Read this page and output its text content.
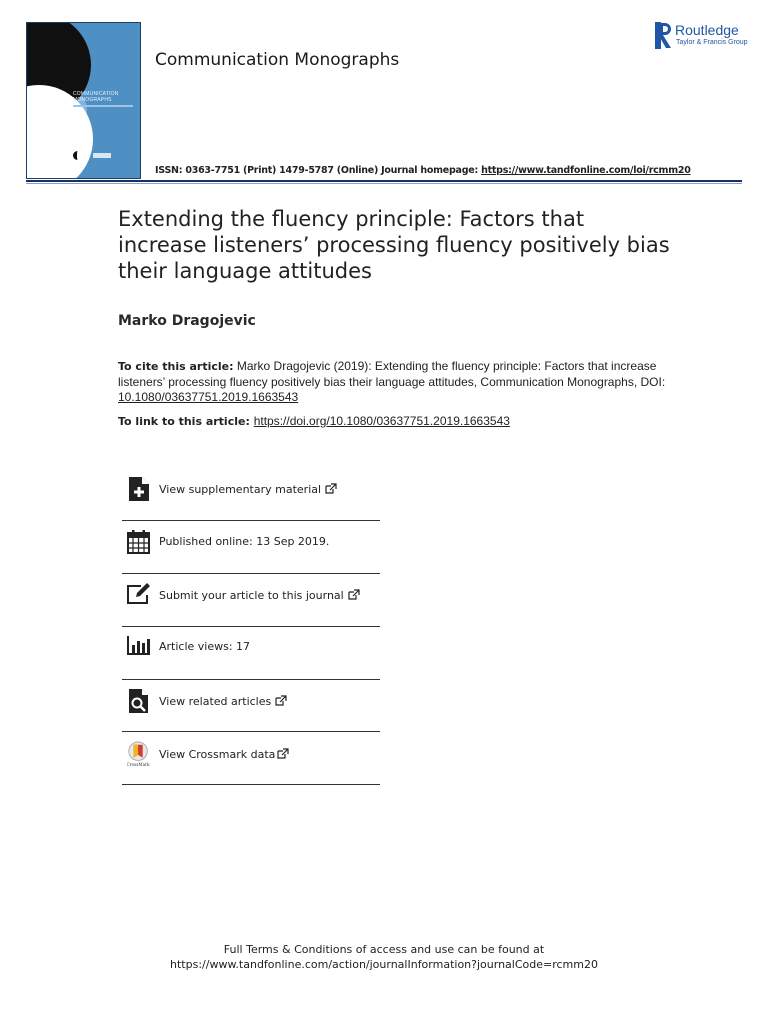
COMMUNICATION MONOGRAPHS
Communication Monographs
Routledge
Taylor & Francis Group
ISSN: 0363-7751 (Print) 1479-5787 (Online) Journal homepage: https://www.tandfonline.com/loi/rcmm20
Extending the fluency principle: Factors that increase listeners’ processing fluency positively bias their language attitudes
Marko Dragojevic
To cite this article: Marko Dragojevic (2019): Extending the fluency principle: Factors that increase listeners’ processing fluency positively bias their language attitudes, Communication Monographs, DOI: 10.1080/03637751.2019.1663543
To link to this article: https://doi.org/10.1080/03637751.2019.1663543
View supplementary material
Published online: 13 Sep 2019.
Submit your article to this journal
Article views: 17
View related articles
CrossMark
View Crossmark data
Full Terms & Conditions of access and use can be found at
https://www.tandfonline.com/action/journalInformation?journalCode=rcmm20
